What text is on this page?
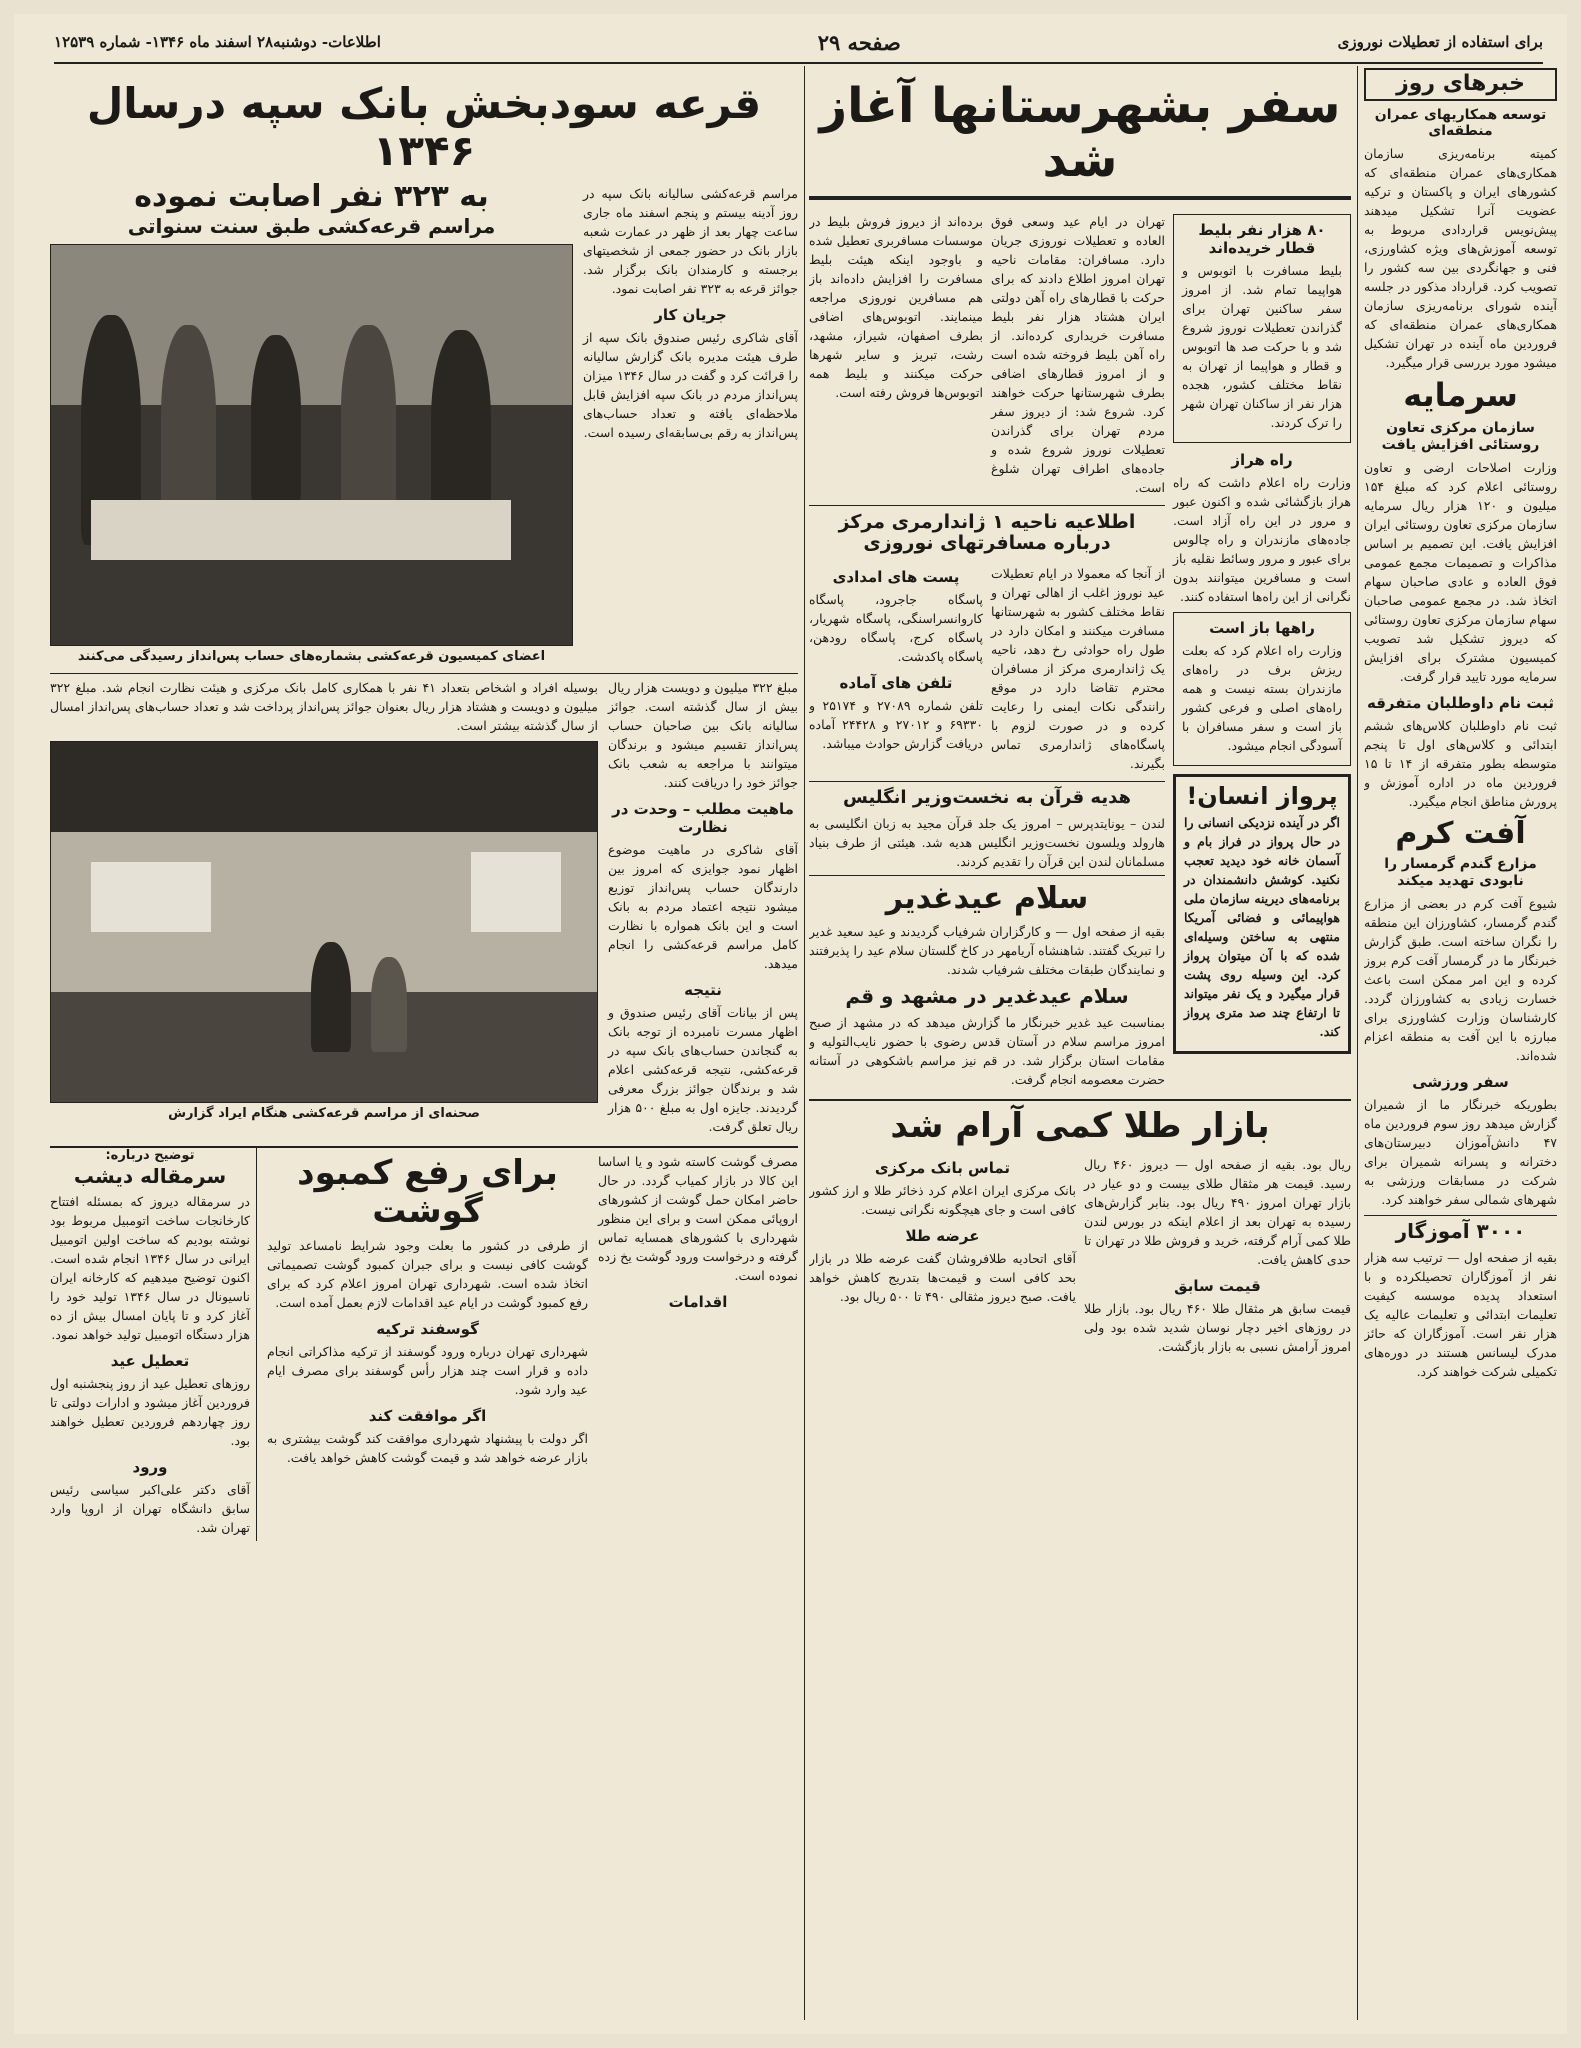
برای استفاده از تعطیلات نوروزی
صفحه ۲۹
اطلاعات- دوشنبه۲۸ اسفند ماه ۱۳۴۶- شماره ۱۲۵۳۹
خبرهای روز
توسعه همکاریهای عمران منطقه‌ای

کمیته برنامه‌ریزی سازمان همکاری‌های عمران منطقه‌ای که کشورهای ایران و پاکستان و ترکیه عضویت آنرا تشکیل میدهند پیش‌نویس قراردادی مربوط به توسعه آموزش‌های ویژه کشاورزی، فنی و جهانگردی بین سه کشور را تصویب کرد. قرارداد مذکور در جلسه آینده شورای برنامه‌ریزی سازمان همکاری‌های عمران منطقه‌ای که فروردین ماه آینده در تهران تشکیل میشود مورد بررسی قرار میگیرد.

سرمایه
سازمان مرکزی تعاون روستائی افزایش یافت

وزارت اصلاحات ارضی و تعاون روستائی اعلام کرد که مبلغ ۱۵۴ میلیون و ۱۲۰ هزار ریال سرمایه سازمان مرکزی تعاون روستائی ایران افزایش یافت. این تصمیم بر اساس مذاکرات و تصمیمات مجمع عمومی فوق العاده و عادی صاحبان سهام اتخاذ شد. در مجمع عمومی صاحبان سهام سازمان مرکزی تعاون روستائی که دیروز تشکیل شد تصویب کمیسیون مشترک برای افزایش سرمایه مورد تایید قرار گرفت.

ثبت نام داوطلبان متفرقه

ثبت نام داوطلبان کلاس‌های ششم ابتدائی و کلاس‌های اول تا پنجم متوسطه بطور متفرقه از ۱۴ تا ۱۵ فروردین ماه در اداره آموزش و پرورش مناطق انجام میگیرد.

آفت کرم
مزارع گندم گرمسار را نابودی تهدید میکند

شیوع آفت کرم در بعضی از مزارع گندم گرمسار، کشاورزان این منطقه را نگران ساخته است. طبق گزارش خبرنگار ما در گرمسار آفت کرم بروز کرده و این امر ممکن است باعث خسارت زیادی به کشاورزان گردد. کارشناسان وزارت کشاورزی برای مبارزه با این آفت به منطقه اعزام شده‌اند.

سفر ورزشی

بطوریکه خبرنگار ما از شمیران گزارش میدهد روز سوم فروردین ماه ۴۷ دانش‌آموزان دبیرستان‌های دخترانه و پسرانه شمیران برای شرکت در مسابقات ورزشی به شهرهای شمالی سفر خواهند کرد.

۳۰۰۰ آموزگار

بقیه از صفحه اول — ترتیب سه هزار نفر از آموزگاران تحصیلکرده و با استعداد پدیده موسسه کیفیت تعلیمات ابتدائی و تعلیمات عالیه یک هزار نفر است. آموزگاران که حائز مدرک لیسانس هستند در دوره‌های تکمیلی شرکت خواهند کرد.

سفر بشهرستانها آغاز شد
۸۰ هزار نفر بلیط قطار خریده‌اند

بلیط مسافرت با اتوبوس و هواپیما تمام شد. از امروز سفر ساکنین تهران برای گذراندن تعطیلات نوروز شروع شد و با حرکت صد ها اتوبوس و قطار و هواپیما از تهران به نقاط مختلف کشور، هجده هزار نفر از ساکنان تهران شهر را ترک کردند.

راه هراز

وزارت راه اعلام داشت که راه هراز بازگشائی شده و اکنون عبور و مرور در این راه آزاد است. جاده‌های مازندران و راه چالوس برای عبور و مرور وسائط نقلیه باز است و مسافرین میتوانند بدون نگرانی از این راه‌ها استفاده کنند.

راهها باز است

وزارت راه اعلام کرد که بعلت ریزش برف در راه‌های مازندران بسته نیست و همه راه‌های اصلی و فرعی کشور باز است و سفر مسافران با آسودگی انجام میشود.

پرواز انسان!

اگر در آینده نزدیکی انسانی را در حال پرواز در فراز بام و آسمان خانه خود دیدید تعجب نکنید. کوشش دانشمندان در برنامه‌های دیرینه سازمان ملی هواپیمائی و فضائی آمریکا منتهی به ساختن وسیله‌ای شده که با آن میتوان پرواز کرد. این وسیله روی پشت قرار میگیرد و یک نفر میتواند تا ارتفاع چند صد متری پرواز کند.

تهران در ایام عید وسعی فوق العاده و تعطیلات نوروزی جریان دارد. مسافران: مقامات ناحیه تهران امروز اطلاع دادند که برای حرکت با قطارهای راه آهن دولتی ایران هشتاد هزار نفر بلیط مسافرت خریداری کرده‌اند. از راه آهن بلیط فروخته شده است و از امروز قطارهای اضافی بطرف شهرستانها حرکت خواهند کرد. شروع شد: از دیروز سفر مردم تهران برای گذراندن تعطیلات نوروز شروع شده و جاده‌های اطراف تهران شلوغ است.

برده‌اند از دیروز فروش بلیط در موسسات مسافربری تعطیل شده و باوجود اینکه هیئت بلیط مسافرت را افزایش داده‌اند باز هم مسافرین نوروزی مراجعه مینمایند. اتوبوس‌های اضافی بطرف اصفهان، شیراز، مشهد، رشت، تبریز و سایر شهرها حرکت میکنند و بلیط همه اتوبوس‌ها فروش رفته است.

اطلاعیه ناحیه ۱ ژاندارمری مرکز درباره مسافرتهای نوروزی

از آنجا که معمولا در ایام تعطیلات عید نوروز اغلب از اهالی تهران و نقاط مختلف کشور به شهرستانها مسافرت میکنند و امکان دارد در طول راه حوادثی رخ دهد، ناحیه یک ژاندارمری مرکز از مسافران محترم تقاضا دارد در موقع رانندگی نکات ایمنی را رعایت کرده و در صورت لزوم با پاسگاه‌های ژاندارمری تماس بگیرند.

پست های امدادی

پاسگاه جاجرود، پاسگاه کاروانسراسنگی، پاسگاه شهریار، پاسگاه کرج، پاسگاه رودهن، پاسگاه پاکدشت.

تلفن های آماده

تلفن شماره ۲۷۰۸۹ و ۲۵۱۷۴ و ۶۹۳۳۰ و ۲۷۰۱۲ و ۲۴۴۲۸ آماده دریافت گزارش حوادث میباشد.

هدیه قرآن به نخست‌وزیر انگلیس

لندن – یونایتدپرس – امروز یک جلد قرآن مجید به زبان انگلیسی به هارولد ویلسون نخست‌وزیر انگلیس هدیه شد. هیئتی از طرف بنیاد مسلمانان لندن این قرآن را تقدیم کردند.

سلام عیدغدیر

بقیه از صفحه اول — و کارگزاران شرفیاب گردیدند و عید سعید غدیر را تبریک گفتند. شاهنشاه آریامهر در کاخ گلستان سلام عید را پذیرفتند و نمایندگان طبقات مختلف شرفیاب شدند.

سلام عیدغدیر در مشهد و قم

بمناسبت عید غدیر خبرنگار ما گزارش میدهد که در مشهد از صبح امروز مراسم سلام در آستان قدس رضوی با حضور نایب‌التولیه و مقامات استان برگزار شد. در قم نیز مراسم باشکوهی در آستانه حضرت معصومه انجام گرفت.

بازار طلا کمی آرام شد

ریال بود. بقیه از صفحه اول — دیروز ۴۶۰ ریال رسید. قیمت هر مثقال طلای بیست و دو عیار در بازار تهران امروز ۴۹۰ ریال بود. بنابر گزارش‌های رسیده به تهران بعد از اعلام اینکه در بورس لندن طلا کمی آرام گرفته، خرید و فروش طلا در تهران تا حدی کاهش یافت.

قیمت سابق

قیمت سابق هر مثقال طلا ۴۶۰ ریال بود. بازار طلا در روزهای اخیر دچار نوسان شدید شده بود ولی امروز آرامش نسبی به بازار بازگشت.

تماس بانک مرکزی

بانک مرکزی ایران اعلام کرد ذخائر طلا و ارز کشور کافی است و جای هیچگونه نگرانی نیست.

عرضه طلا

آقای اتحادیه طلافروشان گفت عرضه طلا در بازار بحد کافی است و قیمت‌ها بتدریج کاهش خواهد یافت. صبح دیروز مثقالی ۴۹۰ تا ۵۰۰ ریال بود.

قرعه سودبخش بانک سپه درسال ۱۳۴۶

مراسم قرعه‌کشی سالیانه بانک سپه در روز آدینه بیستم و پنجم اسفند ماه جاری ساعت چهار بعد از ظهر در عمارت شعبه بازار بانک در حضور جمعی از شخصیتهای برجسته و کارمندان بانک برگزار شد. جوائز قرعه به ۳۲۳ نفر اصابت نمود.

جریان کار

آقای شاکری رئیس صندوق بانک سپه از طرف هیئت مدیره بانک گزارش سالیانه را قرائت کرد و گفت در سال ۱۳۴۶ میزان پس‌انداز مردم در بانک سپه افزایش قابل ملاحظه‌ای یافته و تعداد حساب‌های پس‌انداز به رقم بی‌سابقه‌ای رسیده است.

به ۳۲۳ نفر اصابت نموده
مراسم قرعه‌کشی طبق سنت سنواتی
اعضای کمیسیون قرعه‌کشی بشماره‌های حساب پس‌انداز رسیدگی می‌کنند

مبلغ ۳۲۲ میلیون و دویست هزار ریال بیش از سال گذشته است. جوائز سالیانه بانک بین صاحبان حساب پس‌انداز تقسیم میشود و برندگان میتوانند با مراجعه به شعب بانک جوائز خود را دریافت کنند.

ماهیت مطلب – وحدت در نظارت

آقای شاکری در ماهیت موضوع اظهار نمود جوایزی که امروز بین دارندگان حساب پس‌انداز توزیع میشود نتیجه اعتماد مردم به بانک است و این بانک همواره با نظارت کامل مراسم قرعه‌کشی را انجام میدهد.

نتیجه

پس از بیانات آقای رئیس صندوق و اظهار مسرت نامبرده از توجه بانک به گنجاندن حساب‌های بانک سپه در قرعه‌کشی، نتیجه قرعه‌کشی اعلام شد و برندگان جوائز بزرگ معرفی گردیدند. جایزه اول به مبلغ ۵۰۰ هزار ریال تعلق گرفت.

بوسیله افراد و اشخاص بتعداد ۴۱ نفر با همکاری کامل بانک مرکزی و هیئت نظارت انجام شد. مبلغ ۳۲۲ میلیون و دویست و هشتاد هزار ریال بعنوان جوائز پس‌انداز پرداخت شد و تعداد حساب‌های پس‌انداز امسال از سال گذشته بیشتر است.

صحنه‌ای از مراسم قرعه‌کشی هنگام ایراد گزارش

مصرف گوشت کاسته شود و یا اساسا این کالا در بازار کمیاب گردد. در حال حاضر امکان حمل گوشت از کشورهای اروپائی ممکن است و برای این منظور شهرداری با کشورهای همسایه تماس گرفته و درخواست ورود گوشت یخ زده نموده است.

اقدامات
برای رفع کمبود گوشت

از طرفی در کشور ما بعلت وجود شرایط نامساعد تولید گوشت کافی نیست و برای جبران کمبود گوشت تصمیماتی اتخاذ شده است. شهرداری تهران امروز اعلام کرد که برای رفع کمبود گوشت در ایام عید اقدامات لازم بعمل آمده است.

گوسفند ترکیه

شهرداری تهران درباره ورود گوسفند از ترکیه مذاکراتی انجام داده و قرار است چند هزار رأس گوسفند برای مصرف ایام عید وارد شود.

اگر موافقت کند

اگر دولت با پیشنهاد شهرداری موافقت کند گوشت بیشتری به بازار عرضه خواهد شد و قیمت گوشت کاهش خواهد یافت.

توضیح درباره:
سرمقاله دیشب

در سرمقاله دیروز که بمسئله افتتاح کارخانجات ساخت اتومبیل مربوط بود نوشته بودیم که ساخت اولین اتومبیل ایرانی در سال ۱۳۴۶ انجام شده است. اکنون توضیح میدهیم که کارخانه ایران ناسیونال در سال ۱۳۴۶ تولید خود را آغاز کرد و تا پایان امسال بیش از ده هزار دستگاه اتومبیل تولید خواهد نمود.

تعطیل عید

روزهای تعطیل عید از روز پنجشنبه اول فروردین آغاز میشود و ادارات دولتی تا روز چهاردهم فروردین تعطیل خواهند بود.

ورود

آقای دکتر علی‌اکبر سیاسی رئیس سابق دانشگاه تهران از اروپا وارد تهران شد.
